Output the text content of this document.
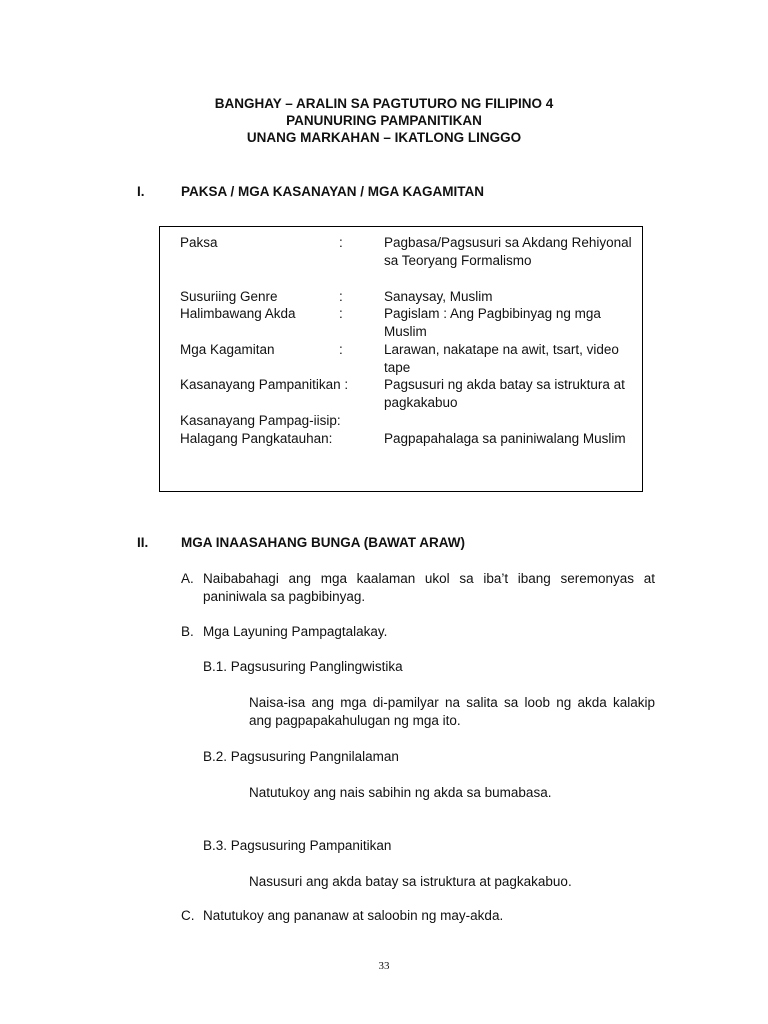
BANGHAY – ARALIN SA PAGTUTURO NG FILIPINO 4
PANUNURING PAMPANITIKAN
UNANG MARKAHAN – IKATLONG LINGGO
I.	PAKSA / MGA KASANAYAN / MGA KAGAMITAN
Paksa	:	Pagbasa/Pagsusuri sa Akdang Rehiyonal sa Teoryang Formalismo
Susuriing Genre	:	Sanaysay, Muslim
Halimbawang Akda	:	Pagislam : Ang Pagbibinyag ng mga Muslim
Mga Kagamitan	:	Larawan, nakatape na awit, tsart, video tape
Kasanayang Pampanitikan :	Pagsusuri ng akda batay sa istruktura at pagkakabuo
Kasanayang Pampag-iisip:
Halagang Pangkatauhan:	Pagpapahalaga sa paniniwalang Muslim
II. MGA INAASAHANG BUNGA (BAWAT ARAW)
A. Naibabahagi ang mga kaalaman ukol sa iba’t ibang seremonyas at paniniwala sa pagbibinyag.
B. Mga Layuning Pampagtalakay.
B.1. Pagsusuring Panglingwistika
Naisa-isa ang mga di-pamilyar na salita sa loob ng akda kalakip ang pagpapakahulugan ng mga ito.
B.2. Pagsusuring Pangnilalaman
Natutukoy ang nais sabihin ng akda sa bumabasa.
B.3. Pagsusuring Pampanitikan
Nasusuri ang akda batay sa istruktura at pagkakabuo.
C. Natutukoy ang pananaw at saloobin ng may-akda.
33
